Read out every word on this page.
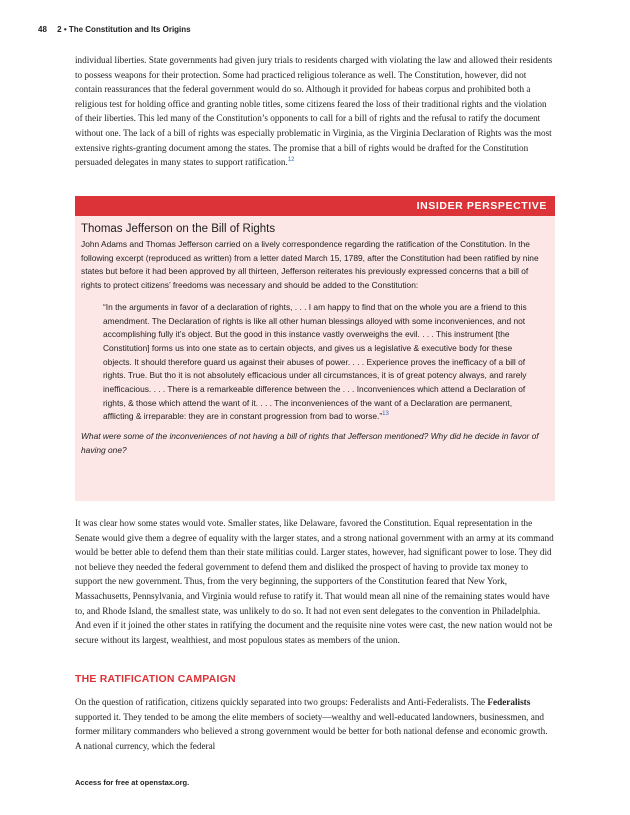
48 2 • The Constitution and Its Origins

individual liberties. State governments had given jury trials to residents charged with violating the law and allowed their residents to possess weapons for their protection. Some had practiced religious tolerance as well. The Constitution, however, did not contain reassurances that the federal government would do so. Although it provided for habeas corpus and prohibited both a religious test for holding office and granting noble titles, some citizens feared the loss of their traditional rights and the violation of their liberties. This led many of the Constitution’s opponents to call for a bill of rights and the refusal to ratify the document without one. The lack of a bill of rights was especially problematic in Virginia, as the Virginia Declaration of Rights was the most extensive rights-granting document among the states. The promise that a bill of rights would be drafted for the Constitution persuaded delegates in many states to support ratification.$^{12}$

INSIDER PERSPECTIVE
Thomas Jefferson on the Bill of Rights

John Adams and Thomas Jefferson carried on a lively correspondence regarding the ratification of the Constitution. In the following excerpt (reproduced as written) from a letter dated March 15, 1789, after the Constitution had been ratified by nine states but before it had been approved by all thirteen, Jefferson reiterates his previously expressed concerns that a bill of rights to protect citizens’ freedoms was necessary and should be added to the Constitution:

“In the arguments in favor of a declaration of rights, . . . I am happy to find that on the whole you are a friend to this amendment. The Declaration of rights is like all other human blessings alloyed with some inconveniences, and not accomplishing fully it’s object. But the good in this instance vastly overweighs the evil. . . . This instrument [the Constitution] forms us into one state as to certain objects, and gives us a legislative & executive body for these objects. It should therefore guard us against their abuses of power. . . . Experience proves the inefficacy of a bill of rights. True. But tho it is not absolutely efficacious under all circumstances, it is of great potency always, and rarely inefficacious. . . . There is a remarkeable difference between the . . . Inconveniences which attend a Declaration of rights, & those which attend the want of it. . . . The inconveniences of the want of a Declaration are permanent, afflicting & irreparable: they are in constant progression from bad to worse.”$^{13}$

What were some of the inconveniences of not having a bill of rights that Jefferson mentioned? Why did he decide in favor of having one?

It was clear how some states would vote. Smaller states, like Delaware, favored the Constitution. Equal representation in the Senate would give them a degree of equality with the larger states, and a strong national government with an army at its command would be better able to defend them than their state militias could. Larger states, however, had significant power to lose. They did not believe they needed the federal government to defend them and disliked the prospect of having to provide tax money to support the new government. Thus, from the very beginning, the supporters of the Constitution feared that New York, Massachusetts, Pennsylvania, and Virginia would refuse to ratify it. That would mean all nine of the remaining states would have to, and Rhode Island, the smallest state, was unlikely to do so. It had not even sent delegates to the convention in Philadelphia. And even if it joined the other states in ratifying the document and the requisite nine votes were cast, the new nation would not be secure without its largest, wealthiest, and most populous states as members of the union.

THE RATIFICATION CAMPAIGN

On the question of ratification, citizens quickly separated into two groups: Federalists and Anti-Federalists. The Federalists supported it. They tended to be among the elite members of society—wealthy and well-educated landowners, businessmen, and former military commanders who believed a strong government would be better for both national defense and economic growth. A national currency, which the federal

Access for free at openstax.org.
